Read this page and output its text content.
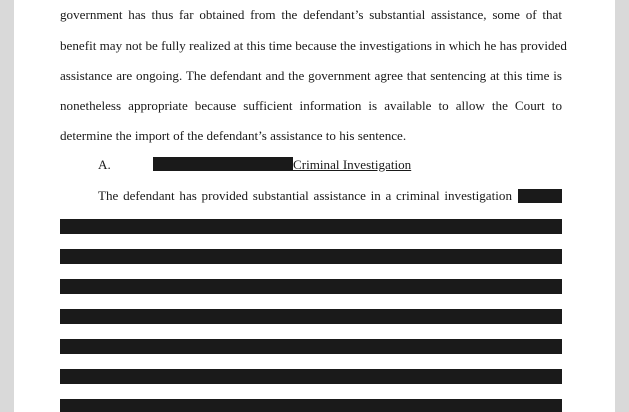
government has thus far obtained from the defendant’s substantial assistance, some of that
benefit may not be fully realized at this time because the investigations in which he has provided
assistance are ongoing. The defendant and the government agree that sentencing at this time is
nonetheless appropriate because sufficient information is available to allow the Court to
determine the import of the defendant’s assistance to his sentence.
A.	Criminal Investigation
The defendant has provided substantial assistance in a criminal investigation
